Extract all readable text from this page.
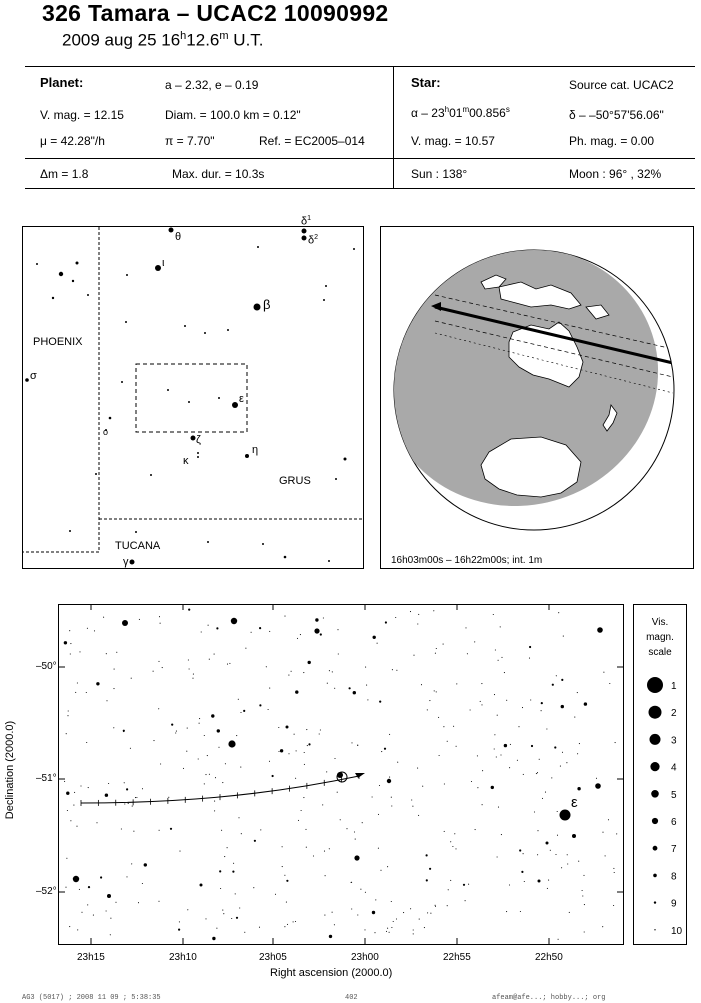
326 Tamara – UCAC2 10090992
2009 aug 25 16$^h$12.6$^m$ U.T.
Planet:	a – 2.32, e – 0.19
V. mag. = 12.15	Diam. = 100.0 km = 0.12"
μ = 42.28"/h	π = 7.70"	Ref. = EC2005–014
Δm = 1.8	Max. dur. = 10.3s
Star:	Source cat. UCAC2
α – 23$^h$01$^m$00.856$^s$	δ – –50°57'56.06"
V. mag. = 10.57	Ph. mag. = 0.00
Sun : 138°	Moon : 96° , 32%
θ
ι
β
σ
ε
ζ
κ
η
γ
ο
PHOENIX
GRUS
TUCANA
$\delta^1$
$\delta^2$
16h03m00s – 16h22m00s; int. 1m
Declination (2000.0)	ε
–50°
–51°
–52°
23h15	23h10	23h05	23h00	22h55	22h50
Right ascension (2000.0)
Vis.
magn.
scale
1
2
3
4
5
6
7
8
9
10
AG3 (5017) ; 2008 11 09 ; 5:38:35	402	afeam@afe...; hobby...; org
